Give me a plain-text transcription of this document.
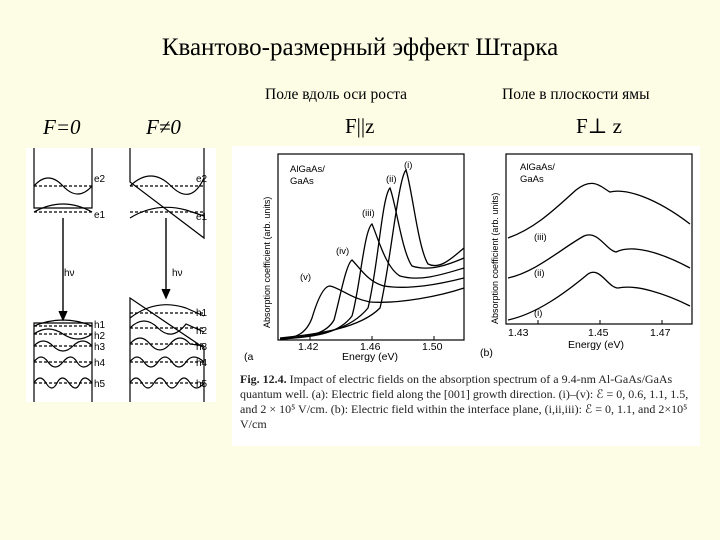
Квантово-размерный эффект Штарка
Поле вдоль оси роста	Поле в плоскости ямы
F=0	F≠0	F||z	F⊥ z
e2
e1
hν
h1
h2
h3
h4
h5
e2
e1
hν
h1
h2
h3
h4
h5
AlGaAs/
GaAs
(i)
(ii)
(iii)
(iv)
(v)
1.42	1.46	1.50
Energy (eV)
(a
Absorption coefficient (arb. units)
AlGaAs/
GaAs
(iii)
(ii)
(i)
1.43	1.45	1.47
Energy (eV)
(b)
Absorption coefficient (arb. units)
Fig. 12.4. Impact of electric fields on the absorption spectrum of a 9.4-nm Al-GaAs/GaAs quantum well. (a): Electric field along the [001] growth direction. (i)–(v): ℰ = 0, 0.6, 1.1, 1.5, and 2 × 10⁵ V/cm. (b): Electric field within the interface plane, (i,ii,iii): ℰ = 0, 1.1, and 2×10⁵ V/cm
